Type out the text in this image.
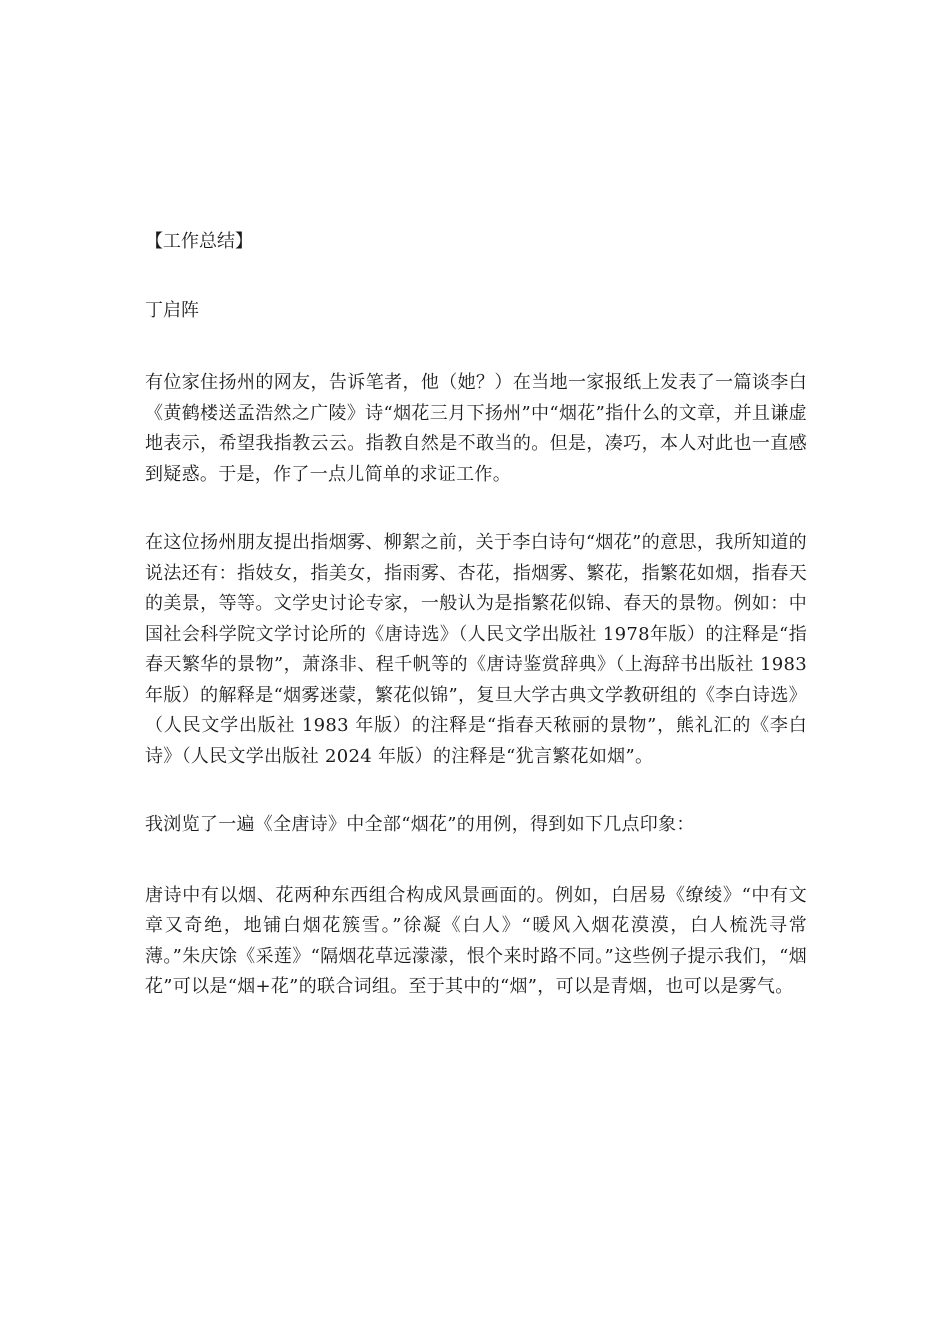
【工作总结】

丁启阵

有位家住扬州的网友，告诉笔者，他（她？）在当地一家报纸上发表了一篇谈李白《黄鹤楼送孟浩然之广陵》诗“烟花三月下扬州”中“烟花”指什么的文章，并且谦虚地表示，希望我指教云云。指教自然是不敢当的。但是，凑巧，本人对此也一直感到疑惑。于是，作了一点儿简单的求证工作。

在这位扬州朋友提出指烟雾、柳絮之前，关于李白诗句“烟花”的意思，我所知道的说法还有：指妓女，指美女，指雨雾、杏花，指烟雾、繁花，指繁花如烟，指春天的美景，等等。文学史讨论专家，一般认为是指繁花似锦、春天的景物。例如：中国社会科学院文学讨论所的《唐诗选》（人民文学出版社 1978年版）的注释是“指春天繁华的景物”，萧涤非、程千帆等的《唐诗鉴赏辞典》（上海辞书出版社 1983 年版）的解释是“烟雾迷蒙，繁花似锦”，复旦大学古典文学教研组的《李白诗选》（人民文学出版社 1983 年版）的注释是“指春天秾丽的景物”，熊礼汇的《李白诗》（人民文学出版社 2024 年版）的注释是“犹言繁花如烟”。

我浏览了一遍《全唐诗》中全部“烟花”的用例，得到如下几点印象：

唐诗中有以烟、花两种东西组合构成风景画面的。例如，白居易《缭绫》“中有文章又奇绝，地铺白烟花簇雪。”徐凝《白人》“暖风入烟花漠漠，白人梳洗寻常薄。”朱庆馀《采莲》“隔烟花草远濛濛，恨个来时路不同。”这些例子提示我们，“烟花”可以是“烟+花”的联合词组。至于其中的“烟”，可以是青烟，也可以是雾气。
